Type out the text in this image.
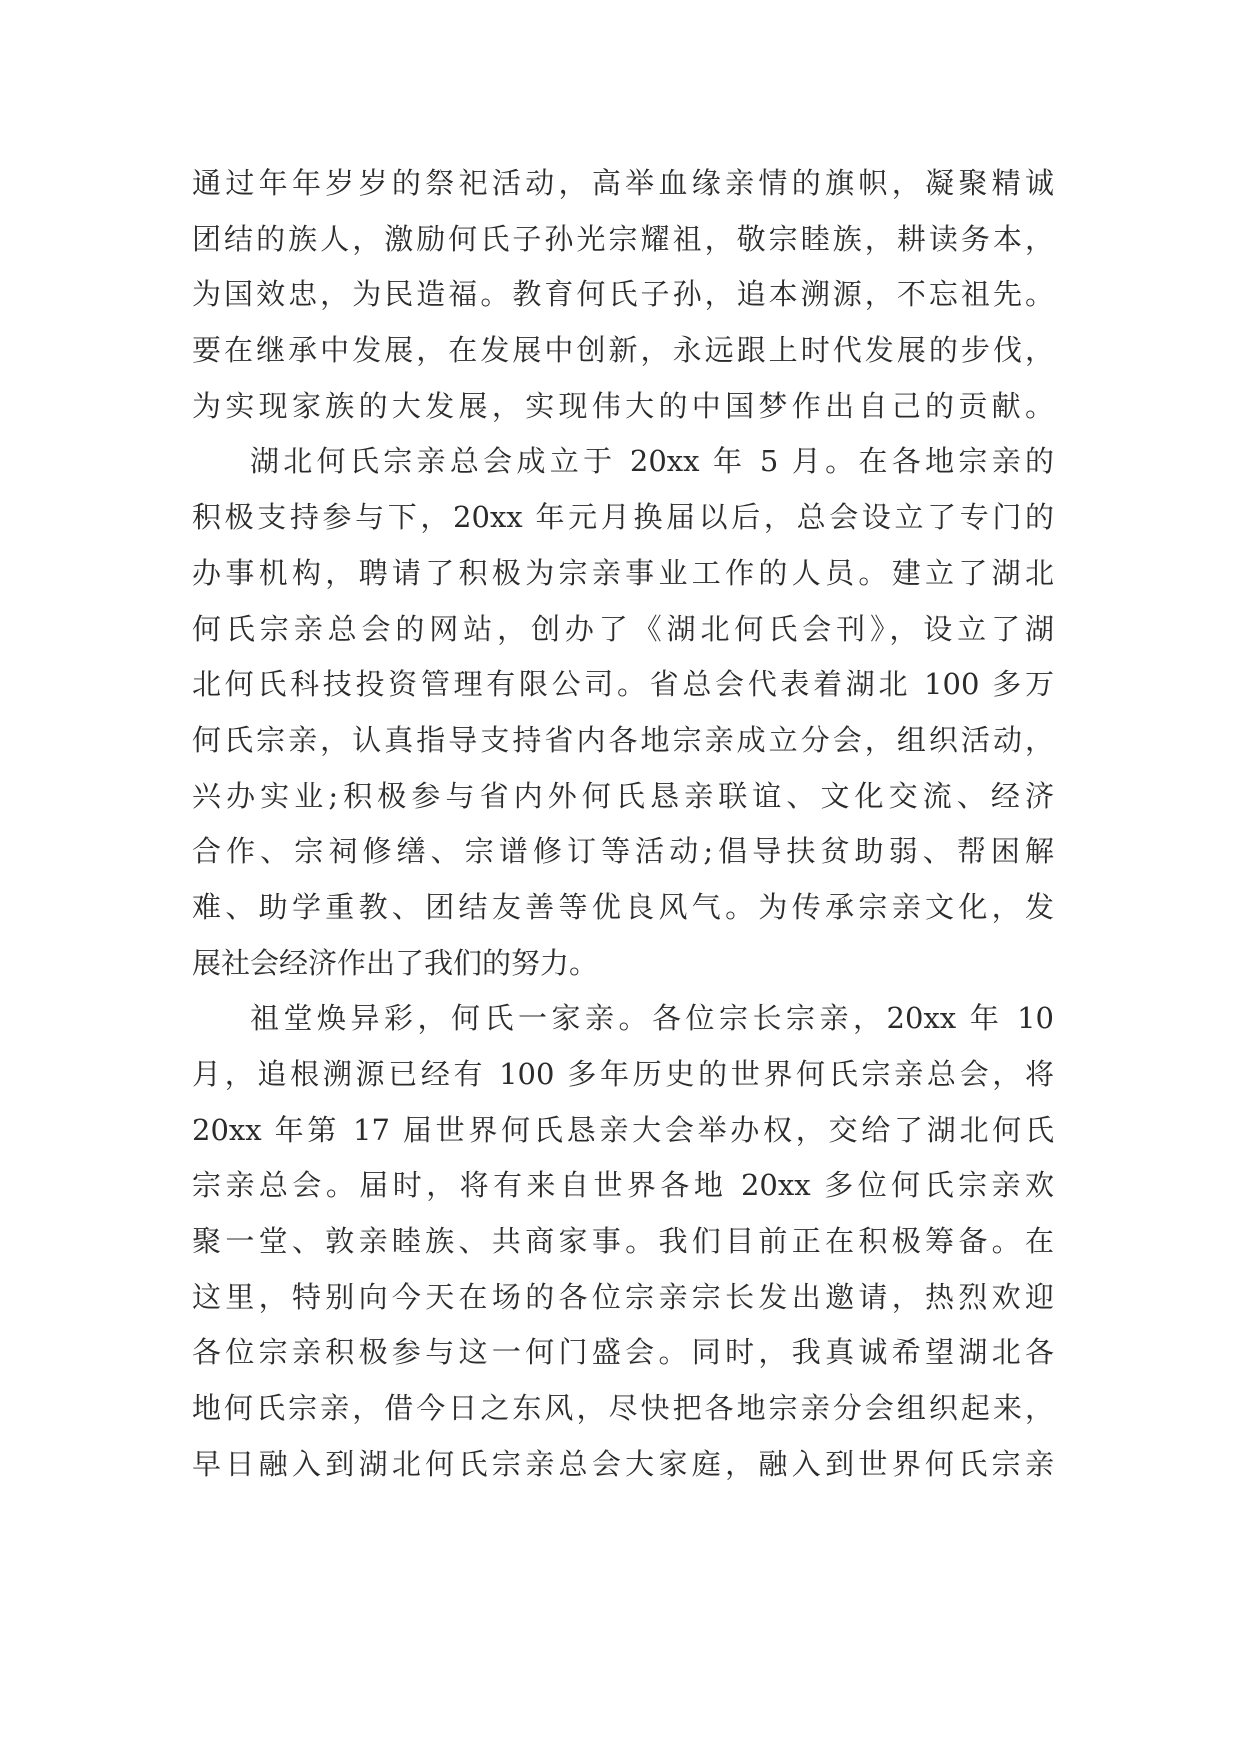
通过年年岁岁的祭祀活动，高举血缘亲情的旗帜，凝聚精诚
团结的族人，激励何氏子孙光宗耀祖，敬宗睦族，耕读务本，
为国效忠，为民造福。教育何氏子孙，追本溯源，不忘祖先。
要在继承中发展，在发展中创新，永远跟上时代发展的步伐，
为实现家族的大发展，实现伟大的中国梦作出自己的贡献。
湖北何氏宗亲总会成立于 20xx 年 5 月。在各地宗亲的
积极支持参与下，20xx 年元月换届以后，总会设立了专门的
办事机构，聘请了积极为宗亲事业工作的人员。建立了湖北
何氏宗亲总会的网站，创办了《湖北何氏会刊》，设立了湖
北何氏科技投资管理有限公司。省总会代表着湖北 100 多万
何氏宗亲，认真指导支持省内各地宗亲成立分会，组织活动，
兴办实业;积极参与省内外何氏恳亲联谊、文化交流、经济
合作、宗祠修缮、宗谱修订等活动;倡导扶贫助弱、帮困解
难、助学重教、团结友善等优良风气。为传承宗亲文化，发
展社会经济作出了我们的努力。
祖堂焕异彩，何氏一家亲。各位宗长宗亲，20xx 年 10
月，追根溯源已经有 100 多年历史的世界何氏宗亲总会，将
20xx 年第 17 届世界何氏恳亲大会举办权，交给了湖北何氏
宗亲总会。届时，将有来自世界各地 20xx 多位何氏宗亲欢
聚一堂、敦亲睦族、共商家事。我们目前正在积极筹备。在
这里，特别向今天在场的各位宗亲宗长发出邀请，热烈欢迎
各位宗亲积极参与这一何门盛会。同时，我真诚希望湖北各
地何氏宗亲，借今日之东风，尽快把各地宗亲分会组织起来，
早日融入到湖北何氏宗亲总会大家庭，融入到世界何氏宗亲
